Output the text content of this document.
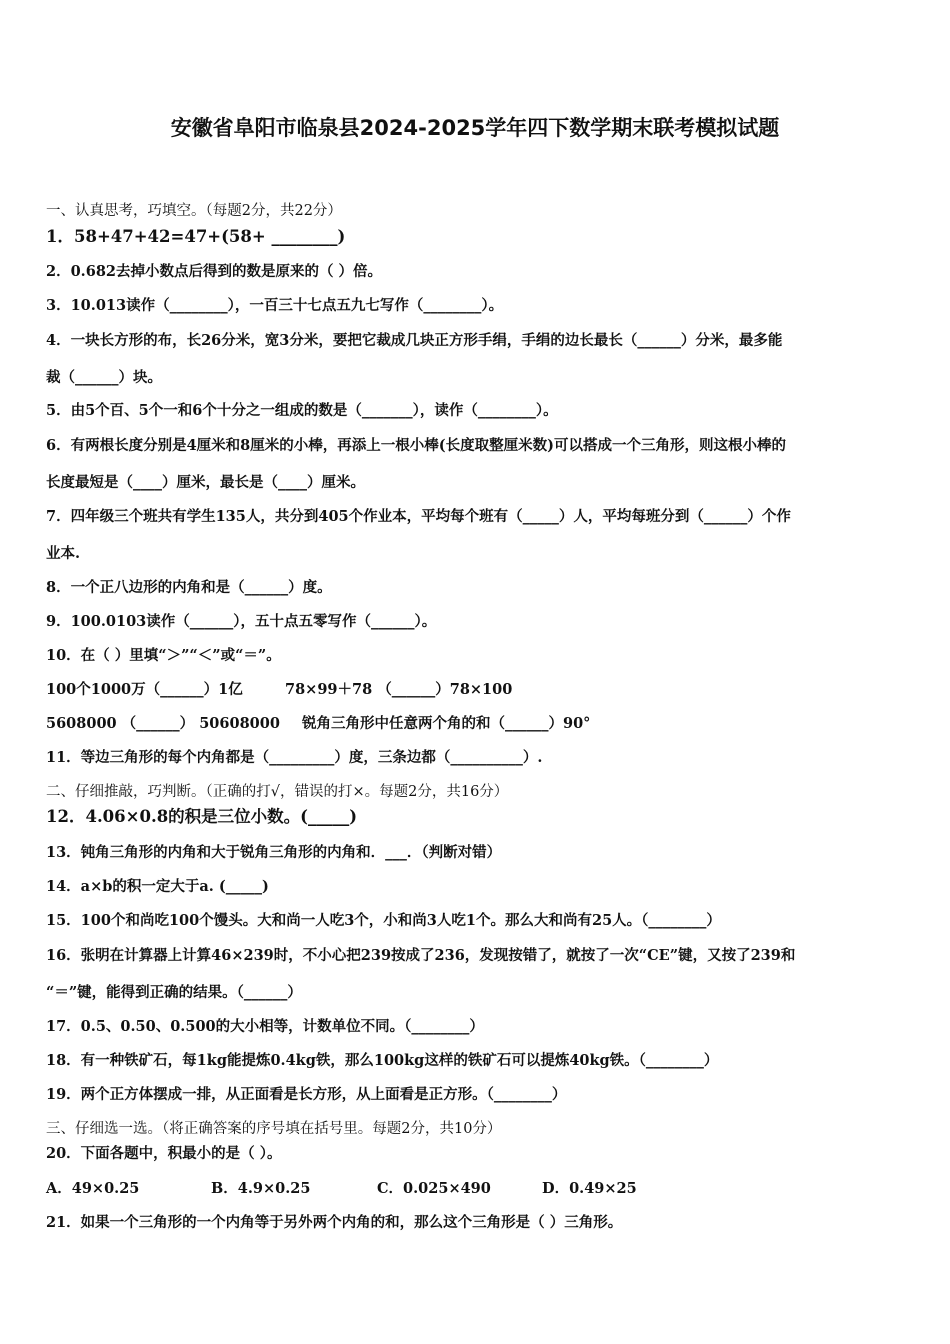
安徽省阜阳市临泉县2024-2025学年四下数学期末联考模拟试题
一、认真思考，巧填空。（每题2分，共22分）
1．58+47+42=47+(58+ ________)
2．0.682去掉小数点后得到的数是原来的（ ）倍。
3．10.013读作（________），一百三十七点五九七写作（________）。
4．一块长方形的布，长26分米，宽3分米，要把它裁成几块正方形手绢，手绢的边长最长（______）分米，最多能
裁（______）块。
5．由5个百、5个一和6个十分之一组成的数是（_______），读作（________）。
6．有两根长度分别是4厘米和8厘米的小棒，再添上一根小棒(长度取整厘米数)可以搭成一个三角形，则这根小棒的
长度最短是（____）厘米，最长是（____）厘米。
7．四年级三个班共有学生135人，共分到405个作业本，平均每个班有（_____）人，平均每班分到（______）个作
业本.
8．一个正八边形的内角和是（______）度。
9．100.0103读作（______），五十点五零写作（______）。
10．在（ ）里填“＞”“＜”或“＝”。
100个1000万（______）1亿	78×99＋78 （______）78×100
5608000 （______） 50608000 锐角三角形中任意两个角的和（______）90°
11．等边三角形的每个内角都是（_________）度，三条边都（__________）.
二、仔细推敲，巧判断。（正确的打√，错误的打×。每题2分，共16分）
12．4.06×0.8的积是三位小数。(_____)
13．钝角三角形的内角和大于锐角三角形的内角和．___．（判断对错）
14．a×b的积一定大于a. (_____)
15．100个和尚吃100个馒头。大和尚一人吃3个，小和尚3人吃1个。那么大和尚有25人。（________）
16．张明在计算器上计算46×239时，不小心把239按成了236，发现按错了，就按了一次“CE”键，又按了239和
“＝”键，能得到正确的结果。（______）
17．0.5、0.50、0.500的大小相等，计数单位不同。（________）
18．有一种铁矿石，每1kg能提炼0.4kg铁，那么100kg这样的铁矿石可以提炼40kg铁。（________）
19．两个正方体摆成一排，从正面看是长方形，从上面看是正方形。（________）
三、仔细选一选。（将正确答案的序号填在括号里。每题2分，共10分）
20．下面各题中，积最小的是（ ）。
A．49×0.25	B．4.9×0.25	C．0.025×490	D．0.49×25
21．如果一个三角形的一个内角等于另外两个内角的和，那么这个三角形是（ ）三角形。
